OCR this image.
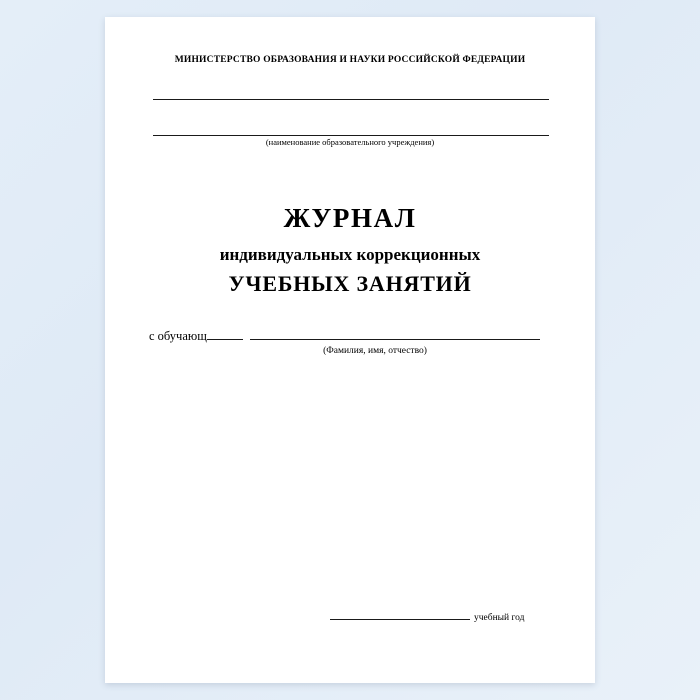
МИНИСТЕРСТВО ОБРАЗОВАНИЯ И НАУКИ РОССИЙСКОЙ ФЕДЕРАЦИИ
(наименование образовательного учреждения)
ЖУРНАЛ
индивидуальных коррекционных
УЧЕБНЫХ ЗАНЯТИЙ
с обучающ
(Фамилия, имя, отчество)
учебный год
